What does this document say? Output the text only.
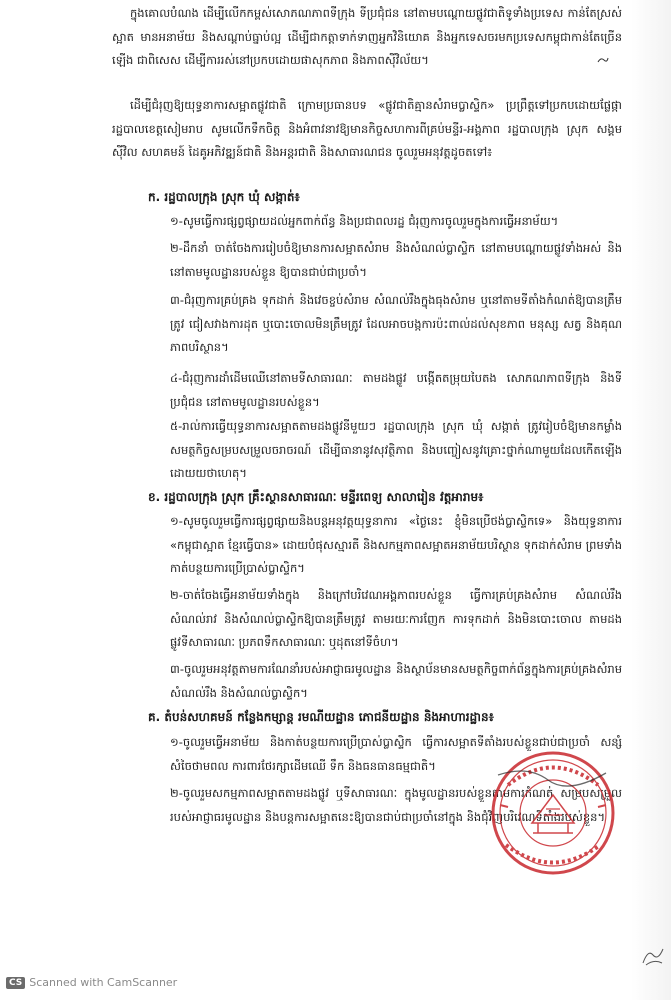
ក្នុងគោលបំណង ដើម្បីលើកកម្ពស់សោភណភាពទីក្រុង ទីប្រជុំជន នៅតាមបណ្តោយផ្លូវជាតិទូទាំងប្រទេស កាន់តែស្រស់ស្អាត មានអនាម័យ និងសណ្តាប់ធ្នាប់ល្អ ដើម្បីជាកត្តាទាក់ទាញអ្នកវិនិយោគ និងអ្នកទេសចរមកប្រទេសកម្ពុជាកាន់តែច្រើនឡើង ជាពិសេស ដើម្បីការរស់នៅប្រកបដោយផាសុកភាព និងភាពស៊ីវិល័យ។
ដើម្បីជំរុញឱ្យយុទ្ធនាការសម្អាតផ្លូវជាតិ ក្រោមប្រធានបទ «ផ្លូវជាតិគ្មានសំរាមប្លាស្ទិក» ប្រព្រឹត្តទៅប្រកបដោយផ្លែផ្កា រដ្ឋបាលខេត្តសៀមរាប សូមលើកទឹកចិត្ត និងអំពាវនាវឱ្យមានកិច្ចសហការពីគ្រប់មន្ទីរ-អង្គភាព រដ្ឋបាលក្រុង ស្រុក សង្គមស៊ីវិល សហគមន៍ ដៃគូអភិវឌ្ឍន៍ជាតិ និងអន្តរជាតិ និងសាធារណជន ចូលរួមអនុវត្តដូចតទៅ៖
ក. រដ្ឋបាលក្រុង ស្រុក ឃុំ សង្កាត់៖
១-សូមធ្វើការផ្សព្វផ្សាយដល់អ្នកពាក់ព័ន្ធ និងប្រជាពលរដ្ឋ ជំរុញការចូលរួមក្នុងការធ្វើអនាម័យ។
២-ដឹកនាំ ចាត់ចែងការរៀបចំឱ្យមានការសម្អាតសំរាម និងសំណល់ប្លាស្ទិក នៅតាមបណ្តោយផ្លូវទាំងអស់ និងនៅតាមមូលដ្ឋានរបស់ខ្លួន ឱ្យបានជាប់ជាប្រចាំ។
៣-ជំរុញការគ្រប់គ្រង ទុកដាក់ និងវេចខ្ចប់សំរាម សំណល់រឹងក្នុងធុងសំរាម ឬនៅតាមទីតាំងកំណត់ឱ្យបានត្រឹមត្រូវ ជៀសវាងការដុត ឬបោះចោលមិនត្រឹមត្រូវ ដែលអាចបង្កការប៉ះពាល់ដល់សុខភាព មនុស្ស សត្វ និងគុណភាពបរិស្ថាន។
៤-ជំរុញការដាំដើមឈើនៅតាមទីសាធារណៈ តាមដងផ្លូវ បង្កើតតម្រុយបៃតង សោភណភាពទីក្រុង និងទីប្រជុំជន នៅតាមមូលដ្ឋានរបស់ខ្លួន។
៥-រាល់ការធ្វើយុទ្ធនាការសម្អាតតាមដងផ្លូវនីមួយៗ រដ្ឋបាលក្រុង ស្រុក ឃុំ សង្កាត់ ត្រូវរៀបចំឱ្យមានកម្លាំងសមត្ថកិច្ចសម្របសម្រួលចរាចរណ៍ ដើម្បីធានានូវសុវត្ថិភាព និងបញ្ចៀសនូវគ្រោះថ្នាក់ណាមួយដែលកើតឡើងដោយយថាហេតុ។
ខ. រដ្ឋបាលក្រុង ស្រុក គ្រឹះស្ថានសាធារណៈ មន្ទីរពេទ្យ សាលារៀន វត្តអារាម៖
១-សូមចូលរួមធ្វើការផ្សព្វផ្សាយនិងបន្តអនុវត្តយុទ្ធនាការ «ថ្ងៃនេះ ខ្ញុំមិនប្រើថង់ប្លាស្ទិកទេ» និងយុទ្ធនាការ «កម្ពុជាស្អាត ខ្មែរធ្វើបាន» ដោយបំផុសស្មារតី និងសកម្មភាពសម្អាតអនាម័យបរិស្ថាន ទុកដាក់សំរាម ព្រមទាំងកាត់បន្ថយការប្រើប្រាស់ប្លាស្ទិក។
២-ចាត់ចែងធ្វើអនាម័យទាំងក្នុង និងក្រៅបរិវេណអង្គភាពរបស់ខ្លួន ធ្វើការគ្រប់គ្រងសំរាម សំណល់រឹង សំណល់រាវ និងសំណល់ប្លាស្ទិកឱ្យបានត្រឹមត្រូវ តាមរយៈការញែក ការទុកដាក់ និងមិនបោះចោល តាមដងផ្លូវទីសាធារណៈ ប្រភពទឹកសាធារណៈ ឬដុតនៅទីចំហ។
៣-ចូលរួមអនុវត្តតាមការណែនាំរបស់អាជ្ញាធរមូលដ្ឋាន និងស្ថាប័នមានសមត្ថកិច្ចពាក់ព័ន្ធក្នុងការគ្រប់គ្រងសំរាម សំណល់រឹង និងសំណល់ប្លាស្ទិក។
គ. តំបន់សហគមន៍ កន្លែងកម្សាន្ត រមណីយដ្ឋាន ភោជនីយដ្ឋាន និងអាហារដ្ឋាន៖
១-ចូលរួមធ្វើអនាម័យ និងកាត់បន្ថយការប្រើប្រាស់ប្លាស្ទិក ធ្វើការសម្អាតទីតាំងរបស់ខ្លួនជាប់ជាប្រចាំ សន្សំសំចៃថាមពល ការពារថែរក្សាដើមឈើ ទឹក និងធនធានធម្មជាតិ។
២-ចូលរួមសកម្មភាពសម្អាតតាមដងផ្លូវ ឬទីសាធារណៈ ក្នុងមូលដ្ឋានរបស់ខ្លួនតាមការកំណត់ សម្របសម្រួលរបស់អាជ្ញាធរមូលដ្ឋាន និងបន្តការសម្អាតនេះឱ្យបានជាប់ជាប្រចាំនៅក្នុង និងជុំវិញបរិវេណទីតាំងរបស់ខ្លួន។
CS Scanned with CamScanner
